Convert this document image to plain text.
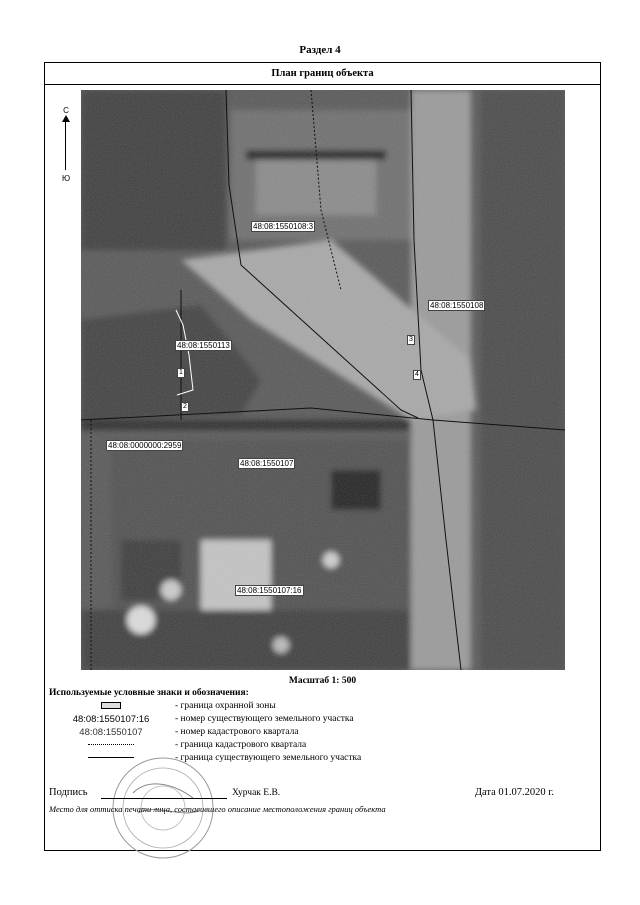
Раздел 4
План границ объекта
С
Ю
48:08:1550108:3
48:08:1550108
48:08:1550113
48:08:0000000:2959
48:08:1550107
48:08:1550107:16
1
2
3
4
Масштаб 1: 500
Используемые условные знаки и обозначения:
- граница охранной зоны
48:08:1550107:16	- номер существующего земельного участка
48:08:1550107	- номер кадастрового квартала
- граница кадастрового квартала
- граница существующего земельного участка
Подпись	Хурчак Е.В.	Дата 01.07.2020 г.
Место для оттиска печати лица, составившего описание местоположения границ объекта
